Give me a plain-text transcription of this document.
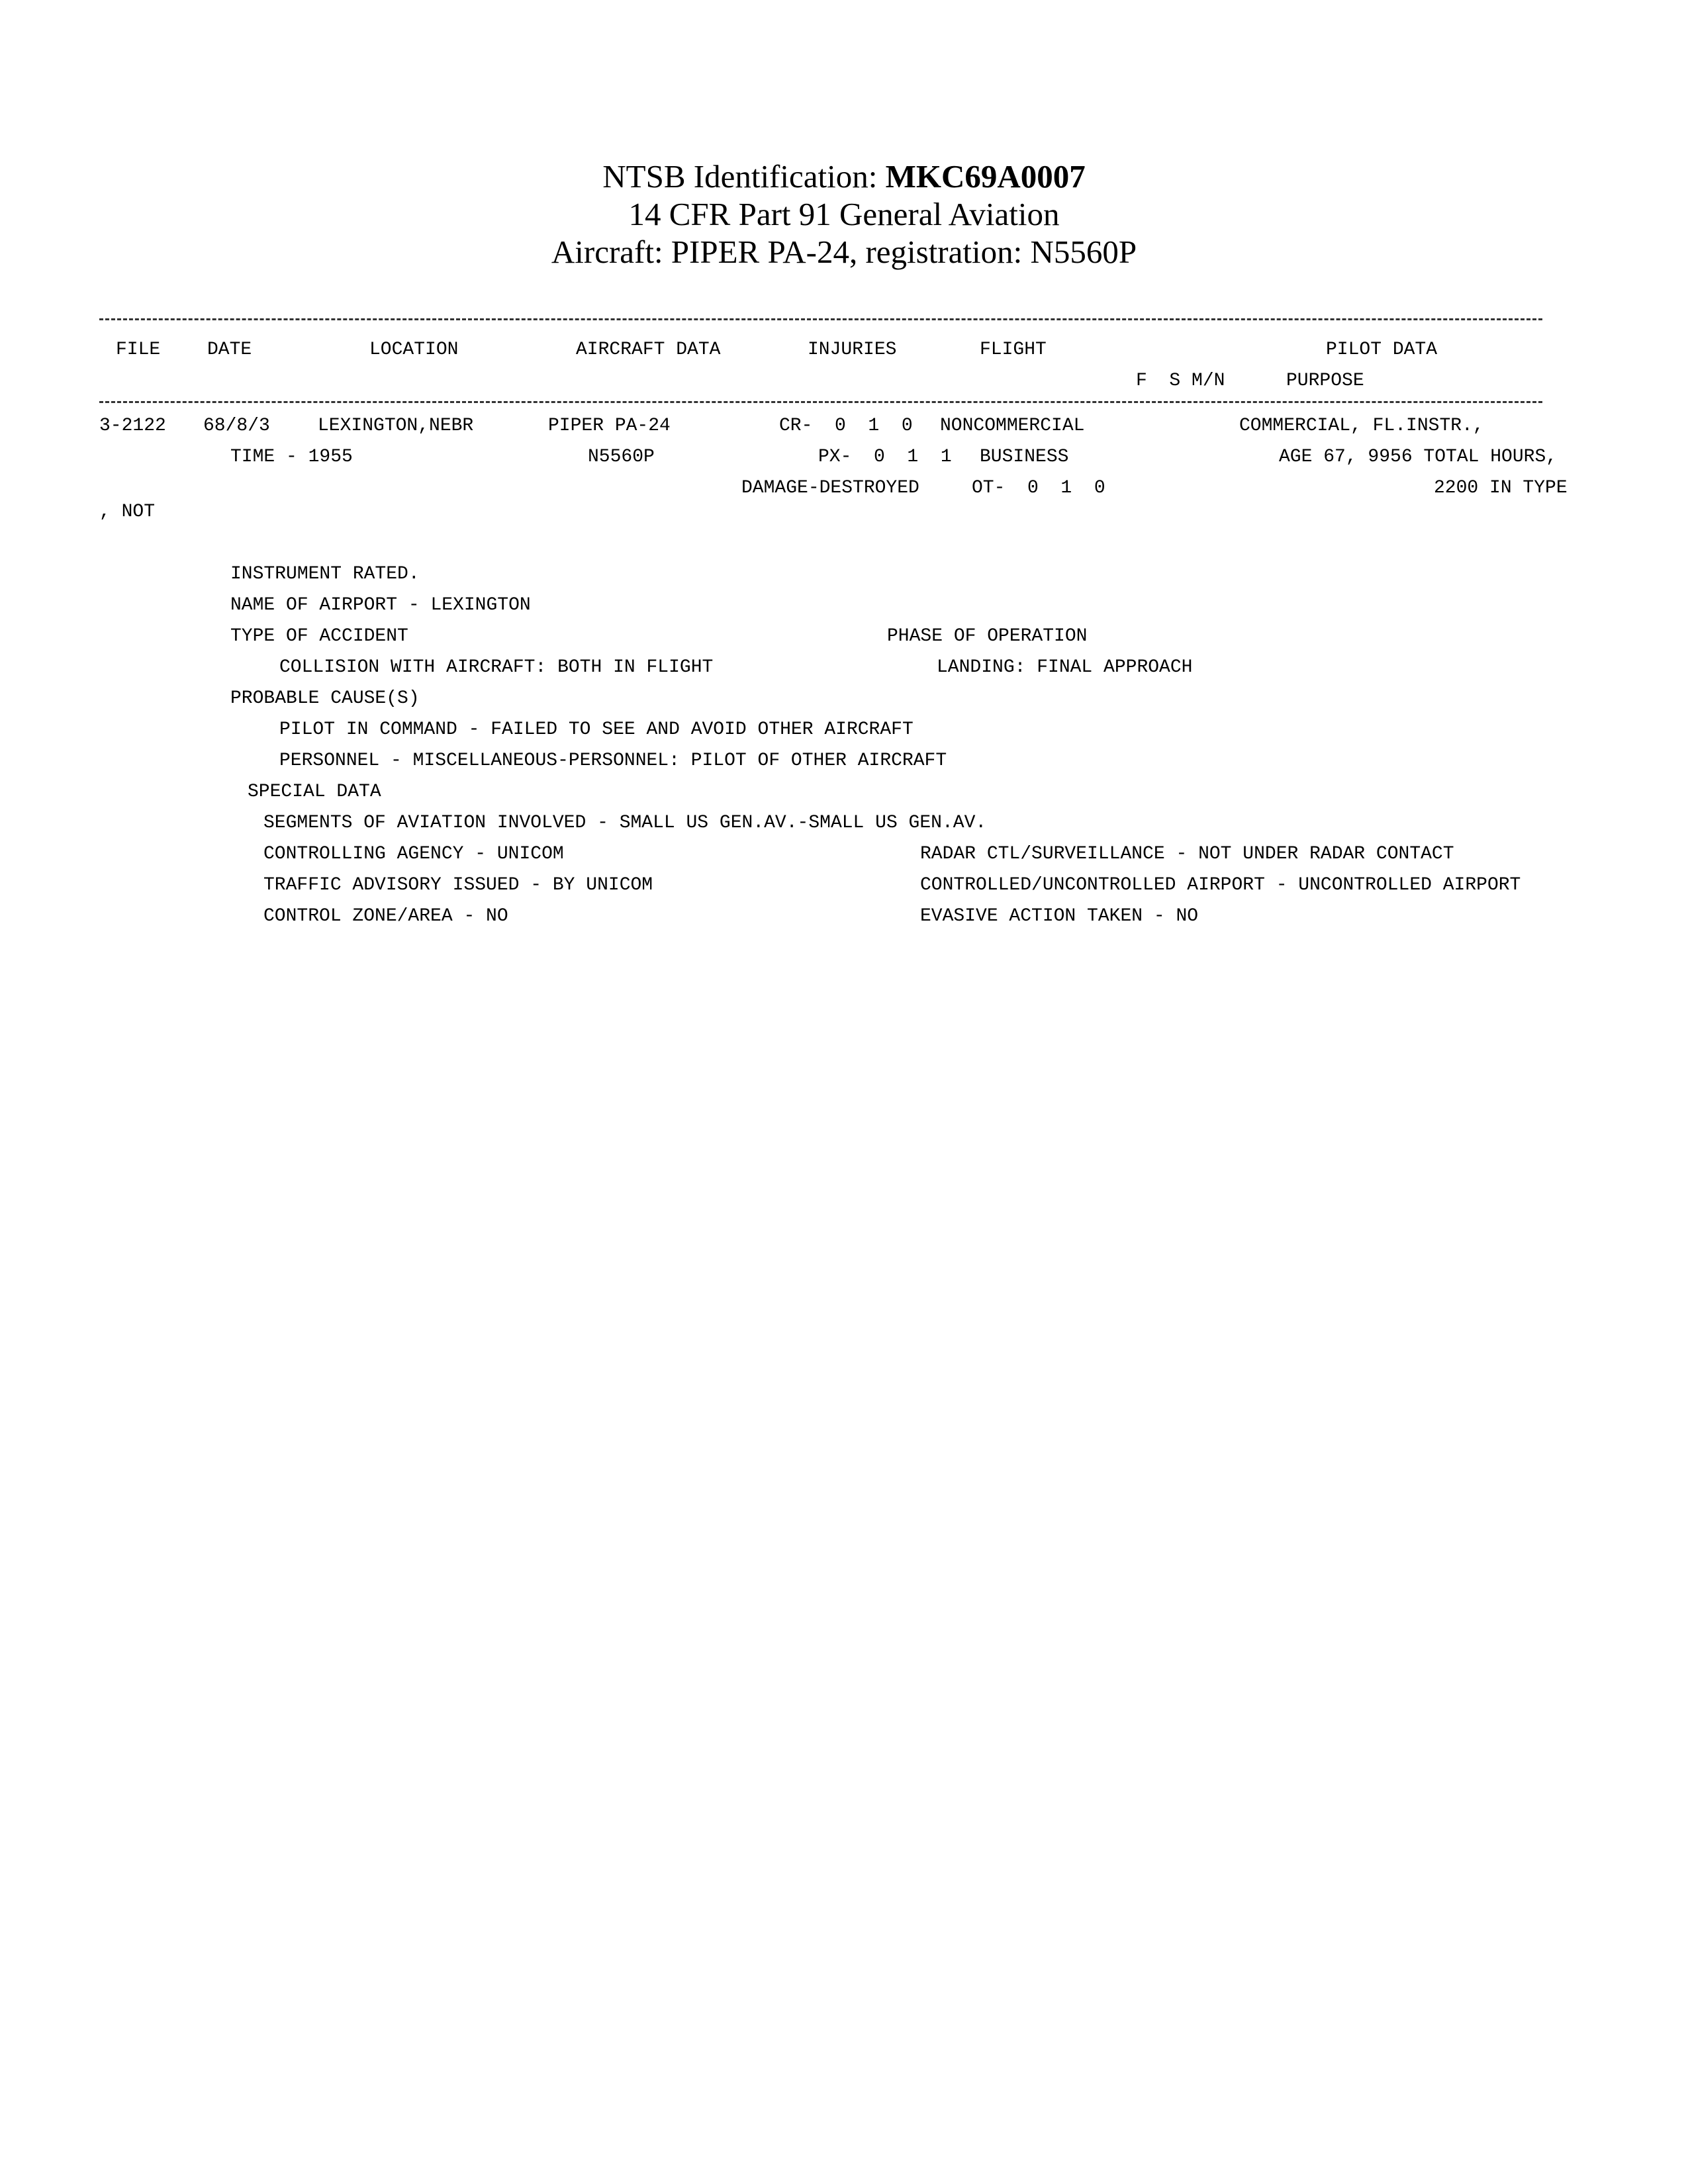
NTSB Identification: MKC69A0007
14 CFR Part 91 General Aviation
Aircraft: PIPER PA-24, registration: N5560P
FILE	DATE	LOCATION	AIRCRAFT DATA	INJURIES	FLIGHT	PILOT DATA
F  S M/N	PURPOSE
3-2122 68/8/3	LEXINGTON,NEBR	PIPER PA-24	CR-  0  1  0 NONCOMMERCIAL	COMMERCIAL, FL.INSTR.,
TIME - 1955	N5560P	PX-  0  1  1 BUSINESS	AGE 67, 9956 TOTAL HOURS,
DAMAGE-DESTROYED	OT-  0  1  0	2200 IN TYPE
, NOT
INSTRUMENT RATED.
NAME OF AIRPORT - LEXINGTON
TYPE OF ACCIDENT	PHASE OF OPERATION
COLLISION WITH AIRCRAFT: BOTH IN FLIGHT	LANDING: FINAL APPROACH
PROBABLE CAUSE(S)
PILOT IN COMMAND - FAILED TO SEE AND AVOID OTHER AIRCRAFT
PERSONNEL - MISCELLANEOUS-PERSONNEL: PILOT OF OTHER AIRCRAFT
SPECIAL DATA
SEGMENTS OF AVIATION INVOLVED - SMALL US GEN.AV.-SMALL US GEN.AV.
CONTROLLING AGENCY - UNICOM	RADAR CTL/SURVEILLANCE - NOT UNDER RADAR CONTACT
TRAFFIC ADVISORY ISSUED - BY UNICOM	CONTROLLED/UNCONTROLLED AIRPORT - UNCONTROLLED AIRPORT
CONTROL ZONE/AREA - NO	EVASIVE ACTION TAKEN - NO
